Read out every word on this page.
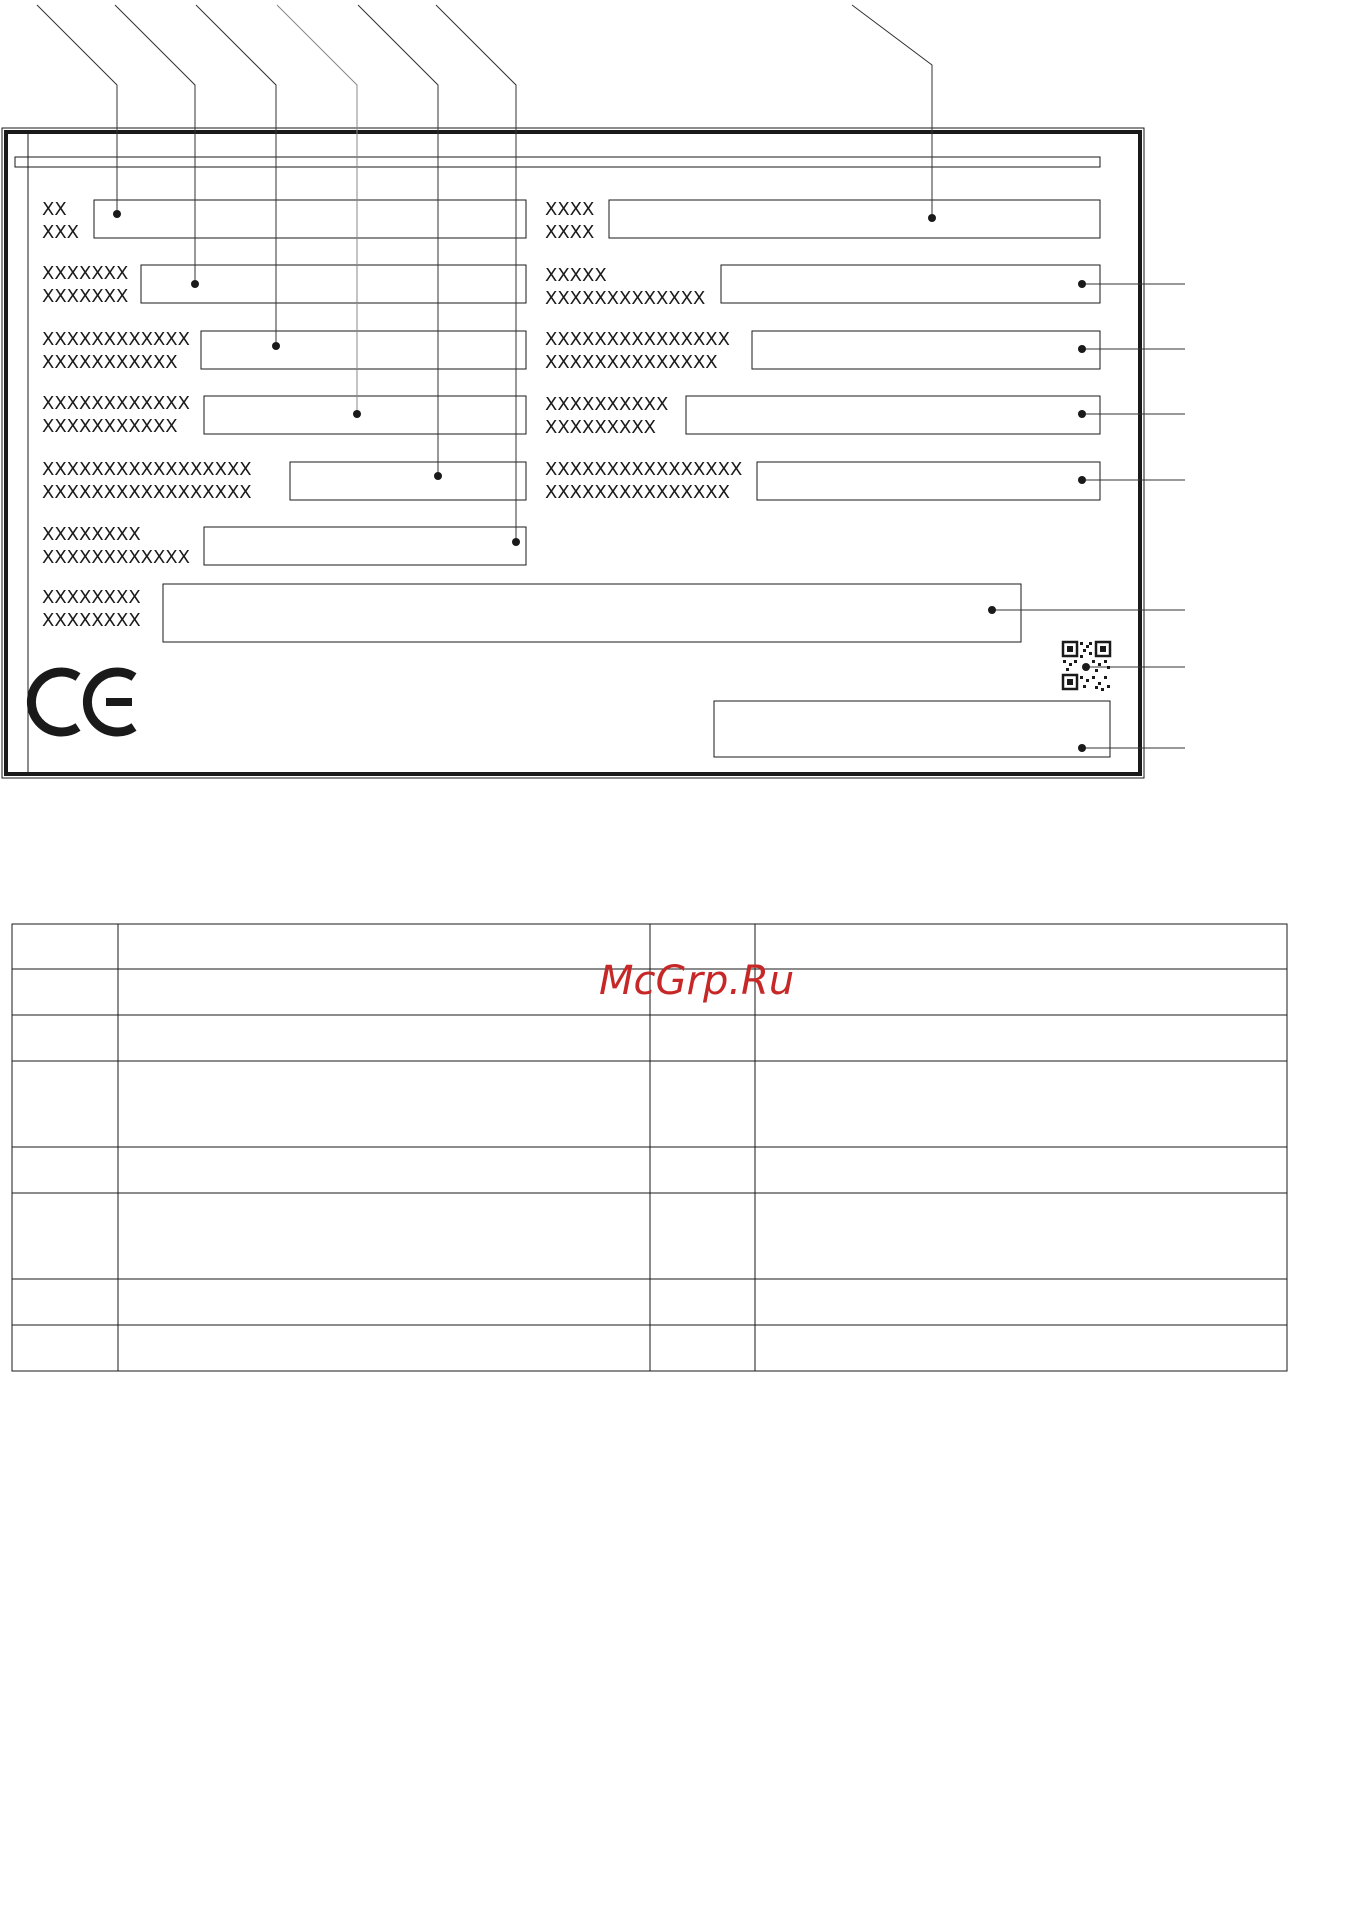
XX
XXX
XXXXXXX
XXXXXXX
XXXXXXXXXXXX
XXXXXXXXXXX
XXXXXXXXXXXX
XXXXXXXXXXX
XXXXXXXXXXXXXXXXX
XXXXXXXXXXXXXXXXX
XXXXXXXX
XXXXXXXXXXXX
XXXXXXXX
XXXXXXXX
XXXX
XXXX
XXXXX
XXXXXXXXXXXXX
XXXXXXXXXXXXXXX
XXXXXXXXXXXXXX
XXXXXXXXXX
XXXXXXXXX
XXXXXXXXXXXXXXXX
XXXXXXXXXXXXXXX
McGrp.Ru
